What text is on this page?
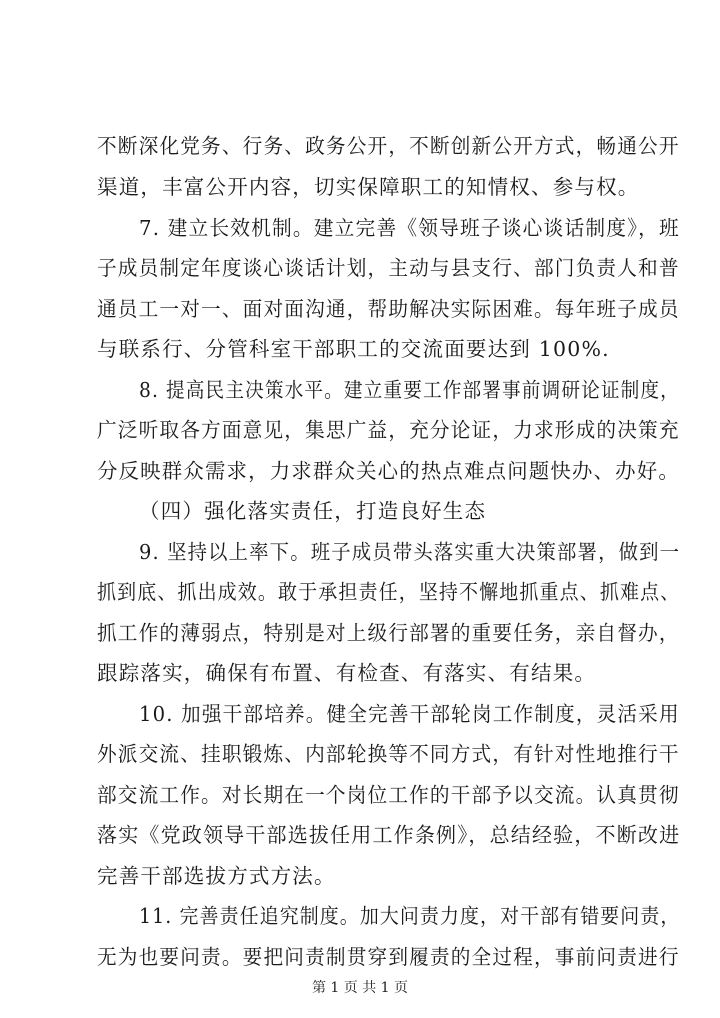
不断深化党务、行务、政务公开，不断创新公开方式，畅通公开
渠道，丰富公开内容，切实保障职工的知情权、参与权。
7. 建立长效机制。建立完善《领导班子谈心谈话制度》，班
子成员制定年度谈心谈话计划，主动与县支行、部门负责人和普
通员工一对一、面对面沟通，帮助解决实际困难。每年班子成员
与联系行、分管科室干部职工的交流面要达到 100%.
8. 提高民主决策水平。建立重要工作部署事前调研论证制度，
广泛听取各方面意见，集思广益，充分论证，力求形成的决策充
分反映群众需求，力求群众关心的热点难点问题快办、办好。
（四）强化落实责任，打造良好生态
9. 坚持以上率下。班子成员带头落实重大决策部署，做到一
抓到底、抓出成效。敢于承担责任，坚持不懈地抓重点、抓难点、
抓工作的薄弱点，特别是对上级行部署的重要任务，亲自督办，
跟踪落实，确保有布置、有检查、有落实、有结果。
10. 加强干部培养。健全完善干部轮岗工作制度，灵活采用
外派交流、挂职锻炼、内部轮换等不同方式，有针对性地推行干
部交流工作。对长期在一个岗位工作的干部予以交流。认真贯彻
落实《党政领导干部选拔任用工作条例》，总结经验，不断改进
完善干部选拔方式方法。
11. 完善责任追究制度。加大问责力度，对干部有错要问责，
无为也要问责。要把问责制贯穿到履责的全过程，事前问责进行
第 1 页 共 1 页
